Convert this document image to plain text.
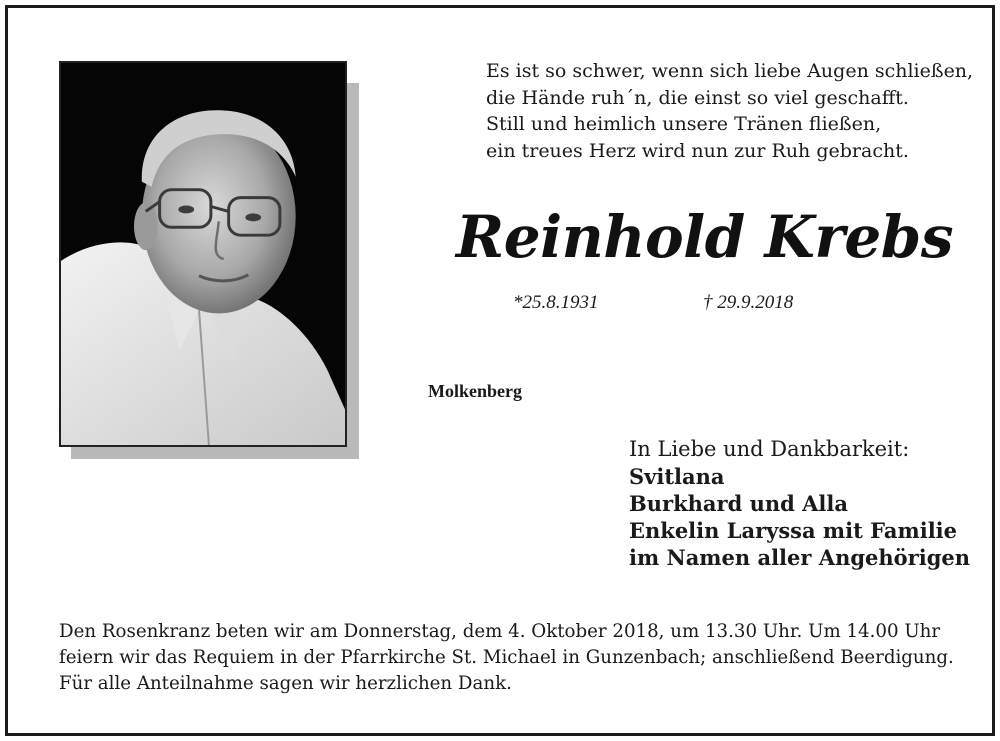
Es ist so schwer, wenn sich liebe Augen schließen,
die Hände ruh´n, die einst so viel geschafft.
Still und heimlich unsere Tränen fließen,
ein treues Herz wird nun zur Ruh gebracht.
Reinhold Krebs
*25.8.1931	† 29.9.2018
Molkenberg
In Liebe und Dankbarkeit:
Svitlana
Burkhard und Alla
Enkelin Laryssa mit Familie
im Namen aller Angehörigen
Den Rosenkranz beten wir am Donnerstag, dem 4. Oktober 2018, um 13.30 Uhr. Um 14.00 Uhr
feiern wir das Requiem in der Pfarrkirche St. Michael in Gunzenbach; anschließend Beerdigung.
Für alle Anteilnahme sagen wir herzlichen Dank.
